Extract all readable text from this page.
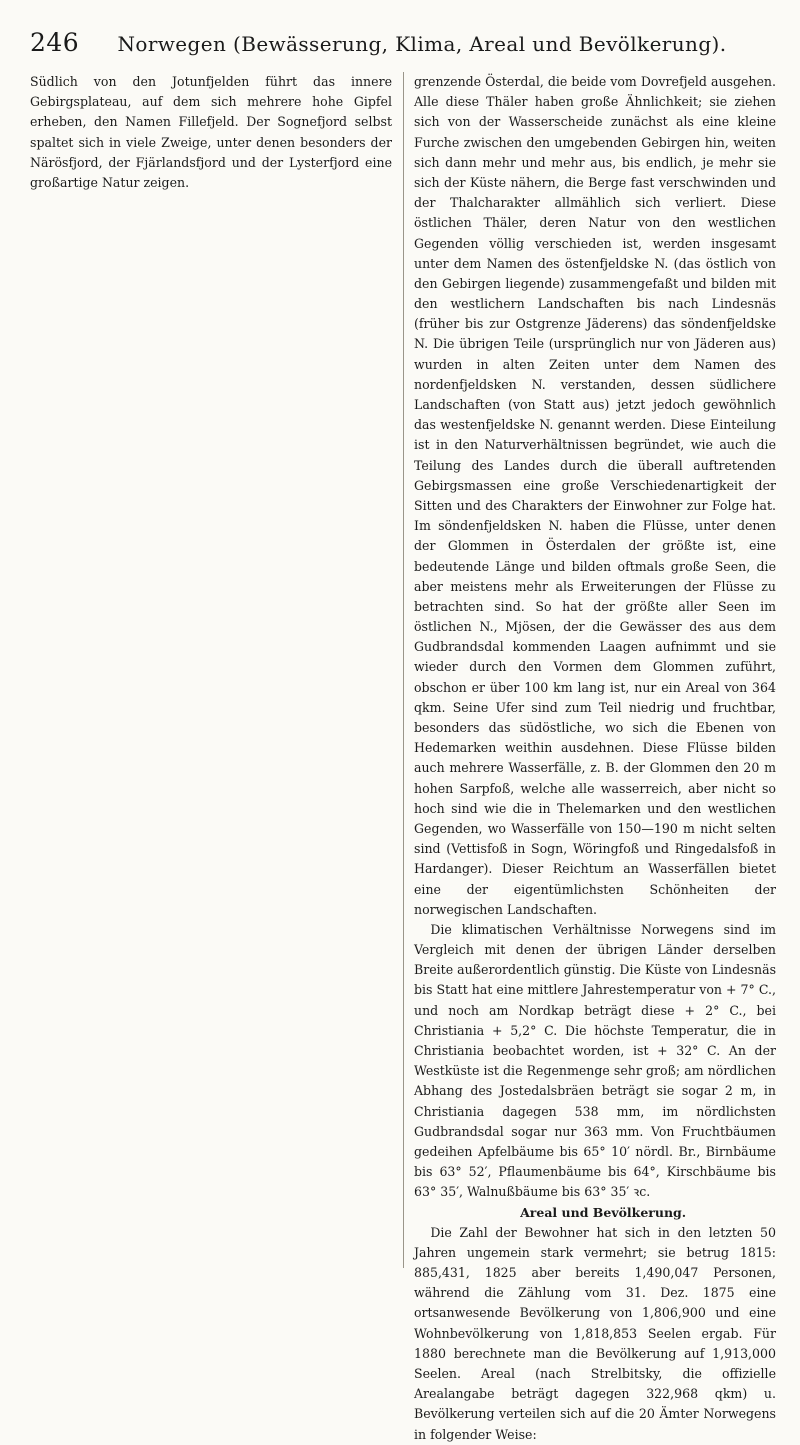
246	Norwegen (Bewässerung, Klima, Areal und Bevölkerung).

Südlich von den Jotunfjelden führt das innere Gebirgsplateau, auf dem sich mehrere hohe Gipfel erheben, den Namen Fillefjeld. Der Sognefjord selbst spaltet sich in viele Zweige, unter denen besonders der Närösfjord, der Fjärlandsfjord und der Lysterfjord eine großartige Natur zeigen.

grenzende Österdal, die beide vom Dovrefjeld ausgehen. Alle diese Thäler haben große Ähnlichkeit; sie ziehen sich von der Wasserscheide zunächst als eine kleine Furche zwischen den umgebenden Gebirgen hin, weiten sich dann mehr und mehr aus, bis endlich, je mehr sie sich der Küste nähern, die Berge fast verschwinden und der Thalcharakter allmählich sich verliert. Diese östlichen Thäler, deren Natur von den westlichen Gegenden völlig verschieden ist, werden insgesamt unter dem Namen des östenfjeldske N. (das östlich von den Gebirgen liegende) zusammengefaßt und bilden mit den westlichern Landschaften bis nach Lindesnäs (früher bis zur Ostgrenze Jäderens) das söndenfjeldske N. Die übrigen Teile (ursprünglich nur von Jäderen aus) wurden in alten Zeiten unter dem Namen des nordenfjeldsken N. verstanden, dessen südlichere Landschaften (von Statt aus) jetzt jedoch gewöhnlich das westenfjeldske N. genannt werden. Diese Einteilung ist in den Naturverhältnissen begründet, wie auch die Teilung des Landes durch die überall auftretenden Gebirgsmassen eine große Verschiedenartigkeit der Sitten und des Charakters der Einwohner zur Folge hat. Im söndenfjeldsken N. haben die Flüsse, unter denen der Glommen in Österdalen der größte ist, eine bedeutende Länge und bilden oftmals große Seen, die aber meistens mehr als Erweiterungen der Flüsse zu betrachten sind. So hat der größte aller Seen im östlichen N., Mjösen, der die Gewässer des aus dem Gudbrandsdal kommenden Laagen aufnimmt und sie wieder durch den Vormen dem Glommen zuführt, obschon er über 100 km lang ist, nur ein Areal von 364 qkm. Seine Ufer sind zum Teil niedrig und fruchtbar, besonders das südöstliche, wo sich die Ebenen von Hedemarken weithin ausdehnen. Diese Flüsse bilden auch mehrere Wasserfälle, z. B. der Glommen den 20 m hohen Sarpfoß, welche alle wasserreich, aber nicht so hoch sind wie die in Thelemarken und den westlichen Gegenden, wo Wasserfälle von 150—190 m nicht selten sind (Vettisfoß in Sogn, Wöringfoß und Ringedalsfoß in Hardanger). Dieser Reichtum an Wasserfällen bietet eine der eigentümlichsten Schönheiten der norwegischen Landschaften.

Die klimatischen Verhältnisse Norwegens sind im Vergleich mit denen der übrigen Länder derselben Breite außerordentlich günstig. Die Küste von Lindesnäs bis Statt hat eine mittlere Jahrestemperatur von + 7° C., und noch am Nordkap beträgt diese + 2° C., bei Christiania + 5,2° C. Die höchste Temperatur, die in Christiania beobachtet worden, ist + 32° C. An der Westküste ist die Regenmenge sehr groß; am nördlichen Abhang des Jostedalsbräen beträgt sie sogar 2 m, in Christiania dagegen 538 mm, im nördlichsten Gudbrandsdal sogar nur 363 mm. Von Fruchtbäumen gedeihen Apfelbäume bis 65° 10′ nördl. Br., Birnbäume bis 63° 52′, Pflaumenbäume bis 64°, Kirschbäume bis 63° 35′, Walnußbäume bis 63° 35′ ꝛc.

Areal und Bevölkerung.

Die Zahl der Bewohner hat sich in den letzten 50 Jahren ungemein stark vermehrt; sie betrug 1815: 885,431, 1825 aber bereits 1,490,047 Personen, während die Zählung vom 31. Dez. 1875 eine ortsanwesende Bevölkerung von 1,806,900 und eine Wohnbevölkerung von 1,818,853 Seelen ergab. Für 1880 berechnete man die Bevölkerung auf 1,913,000 Seelen. Areal (nach Strelbitsky, die offizielle Arealangabe beträgt dagegen 322,968 qkm) u. Bevölkerung verteilen sich auf die 20 Ämter Norwegens in folgender Weise:
